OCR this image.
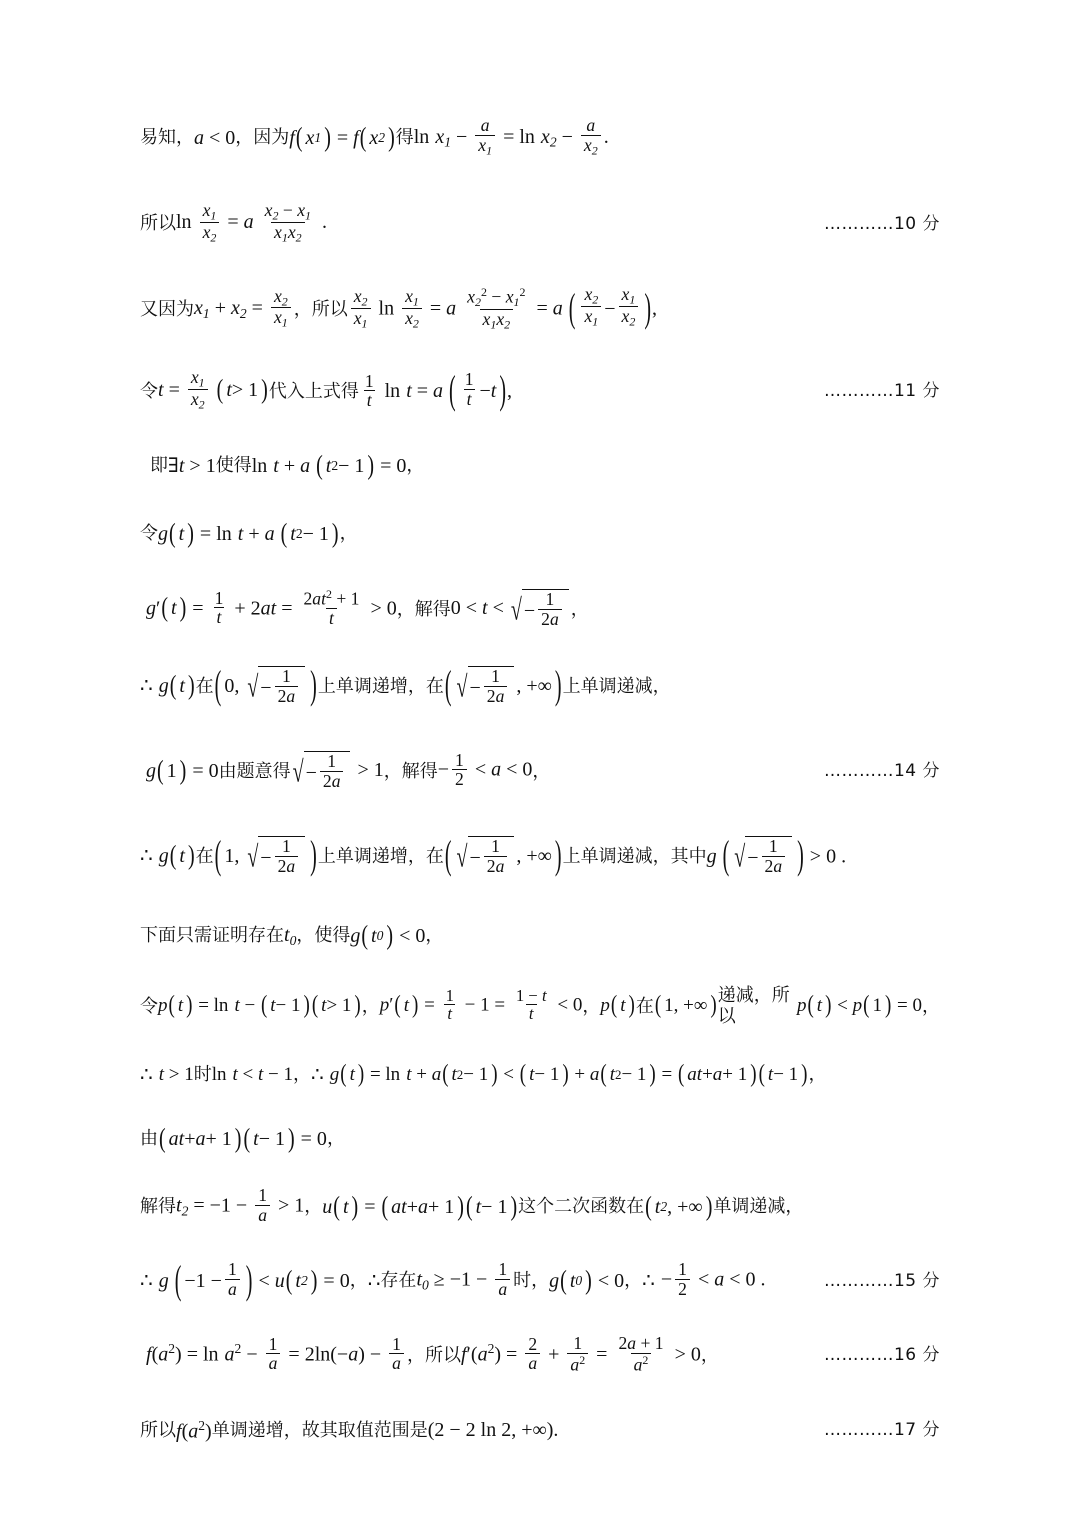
易知， a < 0 ，因为 f ( x 1 ) = f ( x 2 ) 得 $\ln x_1 - \frac{a}{x_1} = \ln x_2 - \frac{a}{x_2}$ .
所以 $\ln \frac{x_1}{x_2} = a \frac{x_2 - x_1}{x_1x_2}$ .	…………10 分
又因为 $x_1 + x_2 = \frac{x_2}{x_1}$ ，所以 $\frac{x_2}{x_1}$ $\ln \frac{x_1}{x_2} = a \frac{x_2^2 - x_1^2}{x_1x_2} = a$ ( $\frac{x_2}{x_1} - \frac{x_1}{x_2}$ ) ,
令 $t = \frac{x_1}{x_2}$
( t > 1 ) 代入上式得 $\frac{1}{t}$ ln t = a ( $\frac{1}{t} - t$ ) ,	…………11 分
即 ∃t > 1 使得 ln t + a ( t 2 − 1 ) = 0 ，
令 g ( t ) = ln t + a ( t 2 − 1 ) ，
g′ ( t ) = $\frac{1}{t} + 2at = \frac{2at^2 + 1}{t} > 0$ ，解得 0 < t < √ − $\frac{1}{2a}$ ，
∴ g ( t ) 在 ( 0, √ − $\frac{1}{2a}$ ) 上单调递增，在 ( √ − $\frac{1}{2a}$ , +∞ ) 上单调递减，
g ( 1 ) = 0 由题意得 √ − $\frac{1}{2a} > 1$ ，解得 − $\frac{1}{2} < a < 0$ ，	…………14 分
∴ g ( t ) 在 ( 1, √ − $\frac{1}{2a}$ ) 上单调递增，在 ( √ − $\frac{1}{2a}$ , +∞ ) 上单调递减，其中 g ( √ − $\frac{1}{2a}$ ) > 0 .
下面只需证明存在 $t_0$ ，使得 g ( t 0 ) < 0 ，
令 p ( t ) = ln t − ( t − 1 ) ( t > 1 ) ， p′ ( t ) = $\frac{1}{t} - 1 = \frac{1 - t}{t} < 0$ ， p ( t ) 在 ( 1, +∞ ) 递减，所以
p ( t ) < p ( 1 ) = 0 ，
∴ t > 1 时 ln t < t − 1 ， ∴ g ( t ) = ln t + a ( t 2 − 1 ) < ( t − 1 ) + a ( t 2 − 1 ) = ( at + a + 1 ) ( t − 1 ) ，
由 ( at + a + 1 ) ( t − 1 ) = 0 ，
解得 $t_2 = -1 - \frac{1}{a} > 1$ ， u ( t ) = ( at + a + 1 ) ( t − 1 ) 这个二次函数在 ( t 2 , +∞ ) 单调递减，
∴ g ( $-1 - \frac{1}{a}$ ) < u ( t 2 ) = 0 ， ∴ 存在 $t_0 \ge -1 - \frac{1}{a}$ 时， g ( t 0 ) < 0 ， ∴ − $\frac{1}{2} < a < 0$ .	…………15 分
$f(a^2) = \ln a^2 - \frac{1}{a} = 2\ln(-a) - \frac{1}{a}$ ，所以 $f'(a^2) = \frac{2}{a} + \frac{1}{a^2} = \frac{2a + 1}{a^2} > 0$ ，	…………16 分
所以 $f(a^2)$ 单调递增，故其取值范围是 (2 − 2 ln 2, +∞).	…………17 分
